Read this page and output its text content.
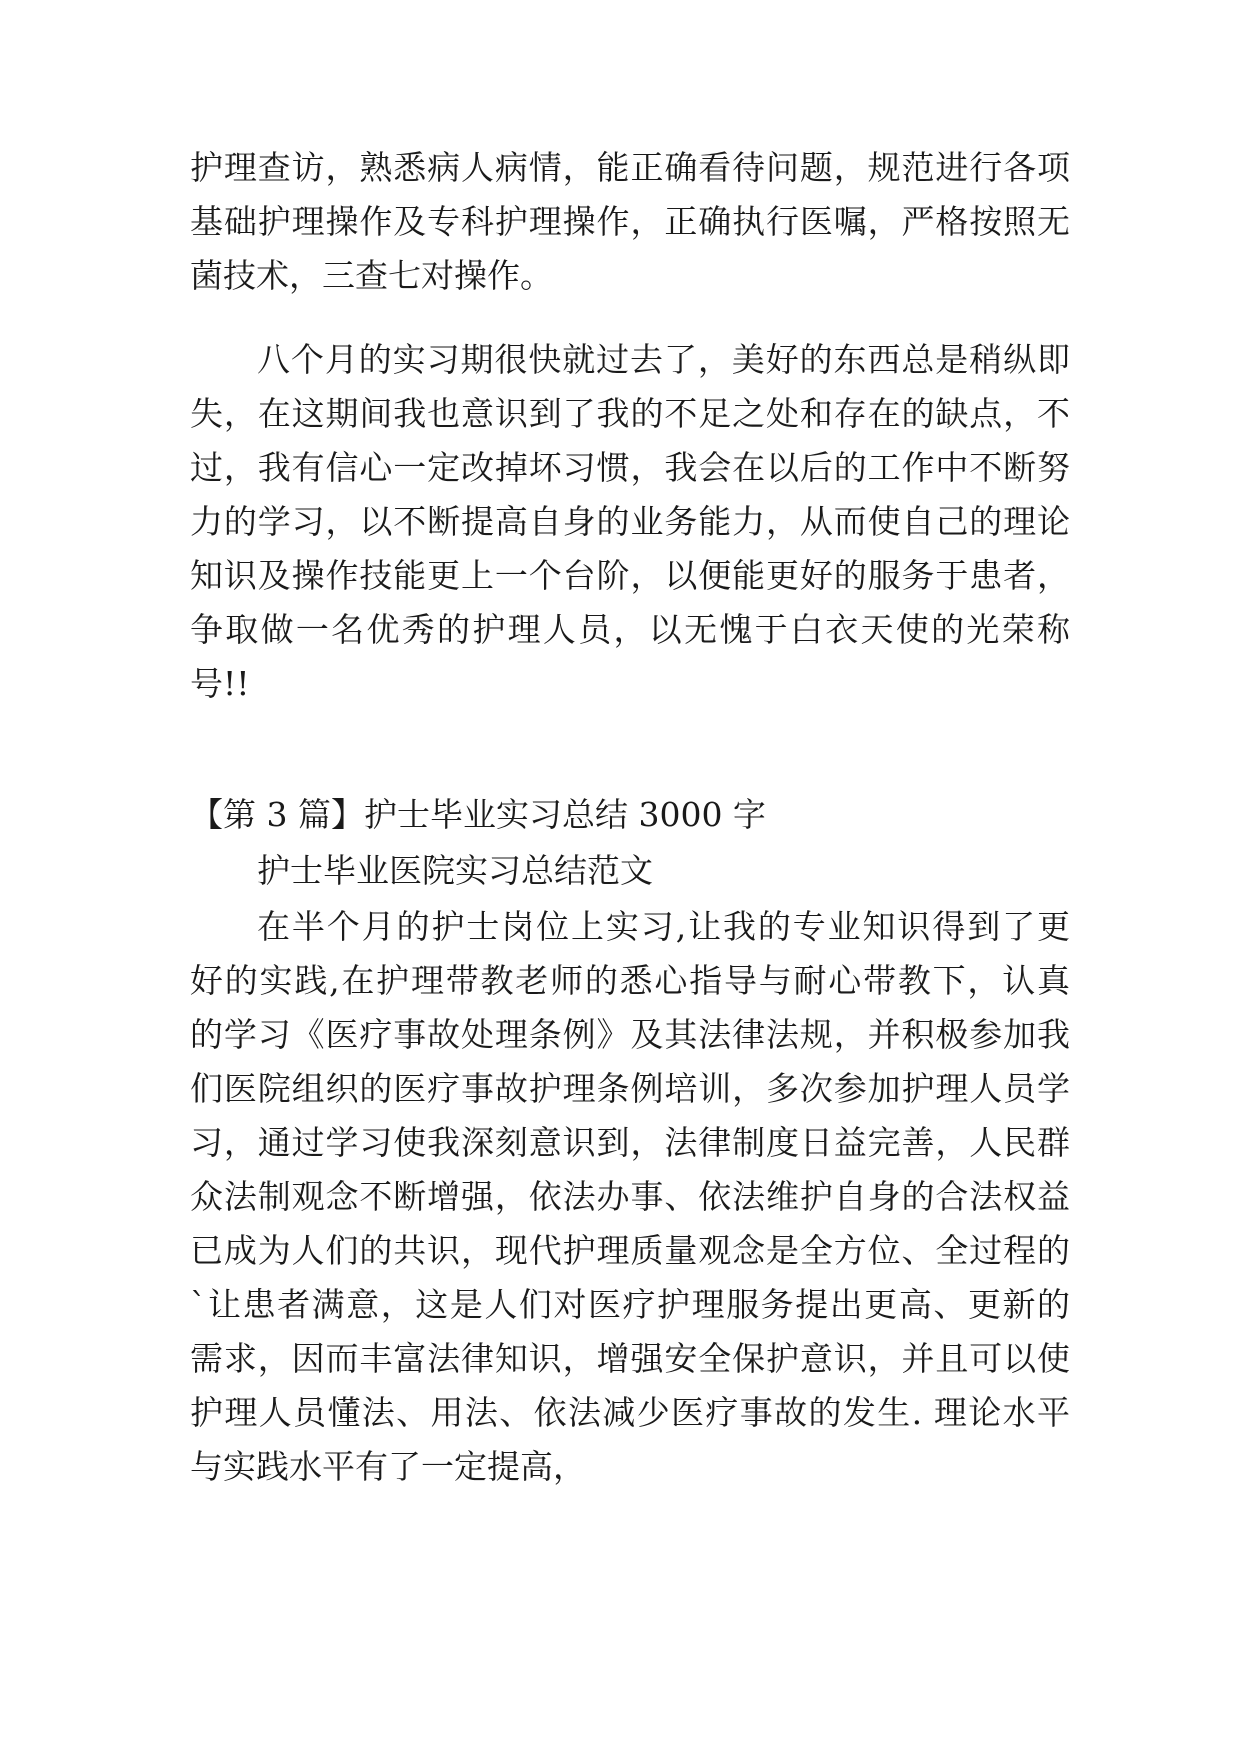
护理查访，熟悉病人病情，能正确看待问题，规范进行各项
基础护理操作及专科护理操作，正确执行医嘱，严格按照无
菌技术，三查七对操作。
八个月的实习期很快就过去了，美好的东西总是稍纵即
失，在这期间我也意识到了我的不足之处和存在的缺点，不
过，我有信心一定改掉坏习惯，我会在以后的工作中不断努
力的学习，以不断提高自身的业务能力，从而使自己的理论
知识及操作技能更上一个台阶，以便能更好的服务于患者，
争取做一名优秀的护理人员，以无愧于白衣天使的光荣称
号!!
【第 3 篇】护士毕业实习总结 3000 字
护士毕业医院实习总结范文
在半个月的护士岗位上实习,让我的专业知识得到了更
好的实践,在护理带教老师的悉心指导与耐心带教下，认真
的学习《医疗事故处理条例》及其法律法规，并积极参加我
们医院组织的医疗事故护理条例培训，多次参加护理人员学
习，通过学习使我深刻意识到，法律制度日益完善，人民群
众法制观念不断增强，依法办事、依法维护自身的合法权益
已成为人们的共识，现代护理质量观念是全方位、全过程的
`让患者满意，这是人们对医疗护理服务提出更高、更新的
需求，因而丰富法律知识，增强安全保护意识，并且可以使
护理人员懂法、用法、依法减少医疗事故的发生. 理论水平
与实践水平有了一定提高，
